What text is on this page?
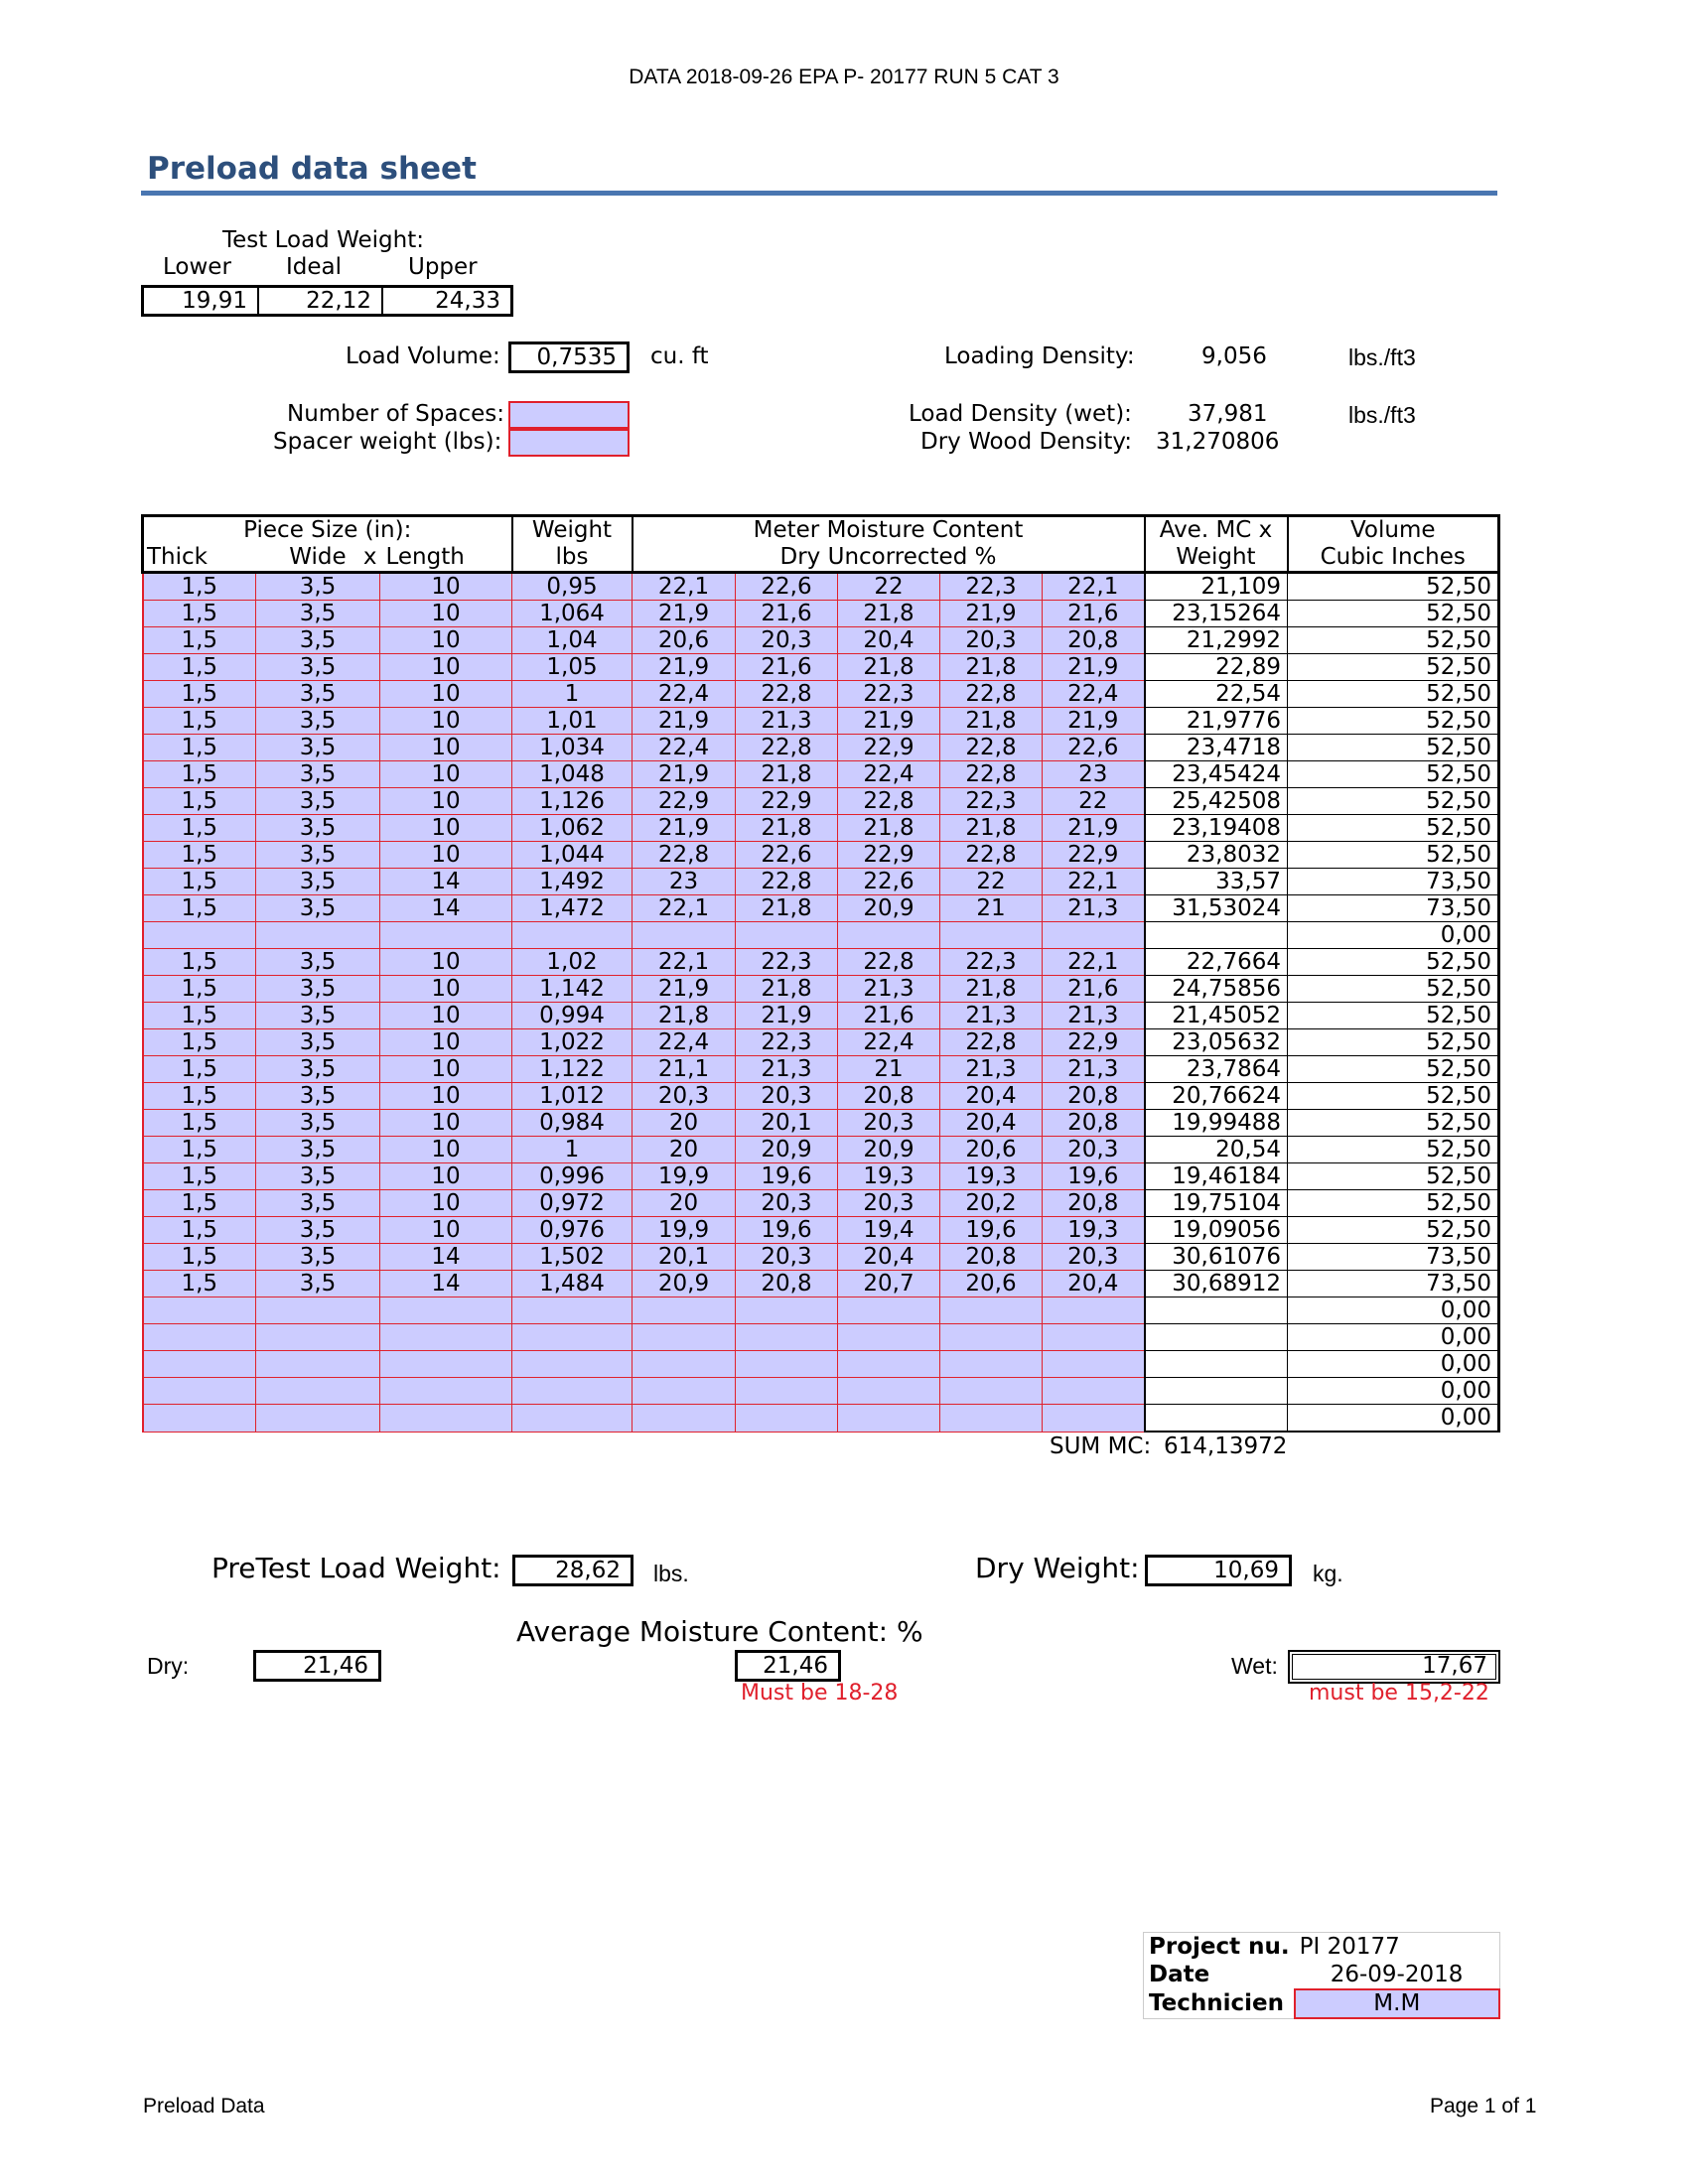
DATA 2018-09-26 EPA P- 20177 RUN 5 CAT 3
Preload data sheet
Test Load Weight:
Lower Ideal	Upper
19,91	22,12	24,33
Load Volume:	0,7535	cu. ft	Loading Density:	9,056	lbs./ft3
Number of Spaces:
Spacer weight (lbs):
Load Density (wet): 37,981	lbs./ft3
Dry Wood Density: 31,270806
Piece Size (in):			Weight	Meter Moisture Content					Ave. MC x	Volume
Thick	Wide x	Length	lbs	Dry Uncorrected %					Weight	Cubic Inches
1,5	3,5	10	0,95	22,1	22,6	22	22,3	22,1	21,109	52,50
1,5	3,5	10	1,064	21,9	21,6	21,8	21,9	21,6	23,15264	52,50
1,5	3,5	10	1,04	20,6	20,3	20,4	20,3	20,8	21,2992	52,50
1,5	3,5	10	1,05	21,9	21,6	21,8	21,8	21,9	22,89	52,50
1,5	3,5	10	1	22,4	22,8	22,3	22,8	22,4	22,54	52,50
1,5	3,5	10	1,01	21,9	21,3	21,9	21,8	21,9	21,9776	52,50
1,5	3,5	10	1,034	22,4	22,8	22,9	22,8	22,6	23,4718	52,50
1,5	3,5	10	1,048	21,9	21,8	22,4	22,8	23	23,45424	52,50
1,5	3,5	10	1,126	22,9	22,9	22,8	22,3	22	25,42508	52,50
1,5	3,5	10	1,062	21,9	21,8	21,8	21,8	21,9	23,19408	52,50
1,5	3,5	10	1,044	22,8	22,6	22,9	22,8	22,9	23,8032	52,50
1,5	3,5	14	1,492	23	22,8	22,6	22	22,1	33,57	73,50
1,5	3,5	14	1,472	22,1	21,8	20,9	21	21,3	31,53024	73,50
										0,00
1,5	3,5	10	1,02	22,1	22,3	22,8	22,3	22,1	22,7664	52,50
1,5	3,5	10	1,142	21,9	21,8	21,3	21,8	21,6	24,75856	52,50
1,5	3,5	10	0,994	21,8	21,9	21,6	21,3	21,3	21,45052	52,50
1,5	3,5	10	1,022	22,4	22,3	22,4	22,8	22,9	23,05632	52,50
1,5	3,5	10	1,122	21,1	21,3	21	21,3	21,3	23,7864	52,50
1,5	3,5	10	1,012	20,3	20,3	20,8	20,4	20,8	20,76624	52,50
1,5	3,5	10	0,984	20	20,1	20,3	20,4	20,8	19,99488	52,50
1,5	3,5	10	1	20	20,9	20,9	20,6	20,3	20,54	52,50
1,5	3,5	10	0,996	19,9	19,6	19,3	19,3	19,6	19,46184	52,50
1,5	3,5	10	0,972	20	20,3	20,3	20,2	20,8	19,75104	52,50
1,5	3,5	10	0,976	19,9	19,6	19,4	19,6	19,3	19,09056	52,50
1,5	3,5	14	1,502	20,1	20,3	20,4	20,8	20,3	30,61076	73,50
1,5	3,5	14	1,484	20,9	20,8	20,7	20,6	20,4	30,68912	73,50
										0,00
										0,00
										0,00
										0,00
										0,00
SUM MC: 614,13972
PreTest Load Weight:	28,62	lbs.	Dry Weight:	10,69	kg.
Average Moisture Content: %
Dry:	21,46	21,46
Must be 18-28
Wet:	17,67
must be 15,2-22
Project nu.	PI 20177
Date	26-09-2018
Technicien	M.M
Preload Data	Page 1 of 1
